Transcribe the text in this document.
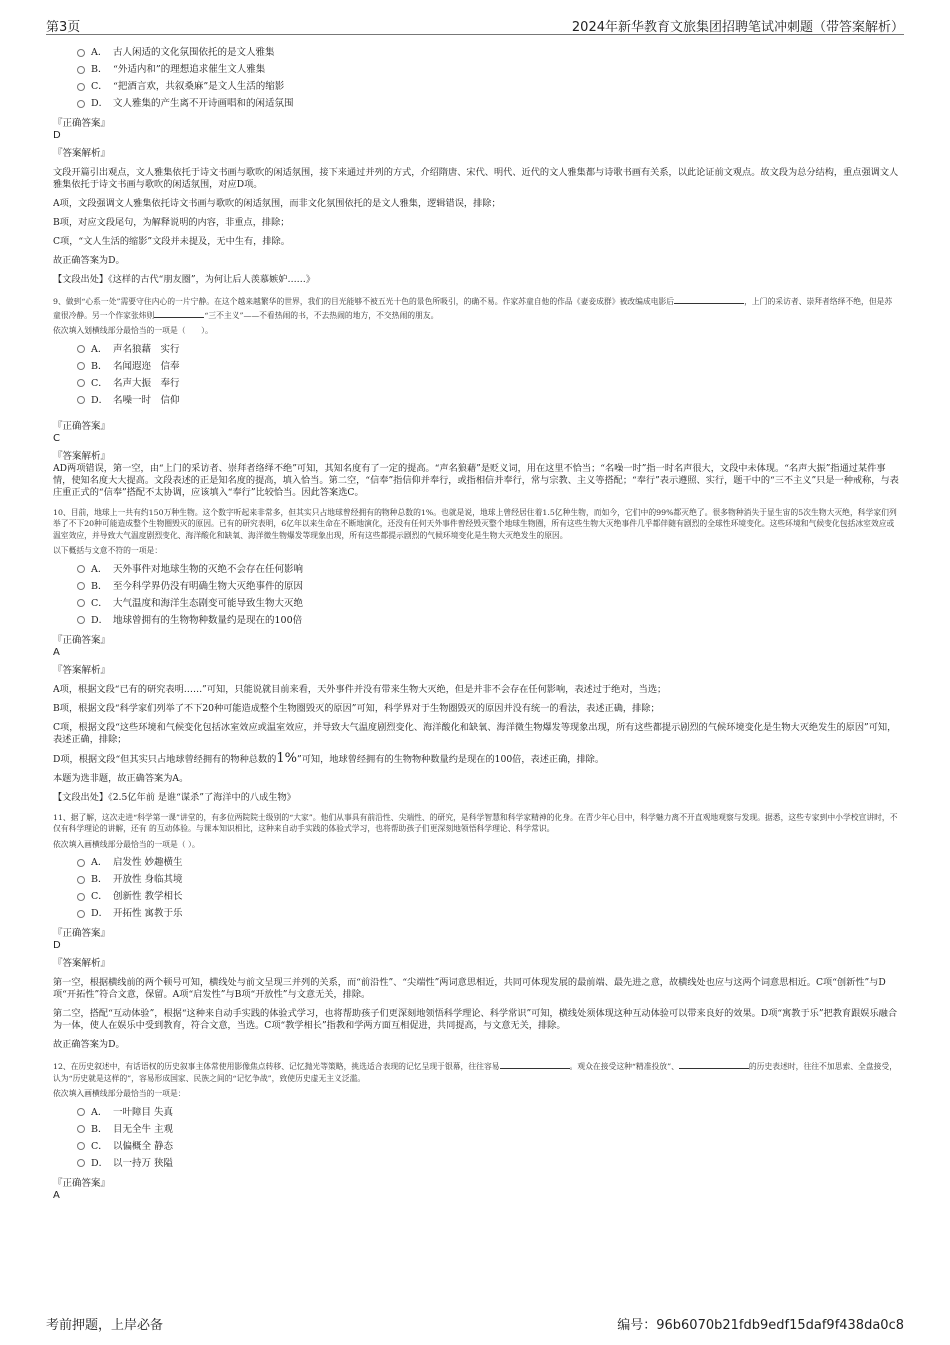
第3页	2024年新华教育文旅集团招聘笔试冲刺题（带答案解析）
A． 古人闲适的文化氛围依托的是文人雅集
B． “外适内和”的理想追求催生文人雅集
C． “把酒言欢，共叙桑麻”是文人生活的缩影
D． 文人雅集的产生离不开诗画唱和的闲适氛围
『正确答案』
D
『答案解析』

文段开篇引出观点，文人雅集依托于诗文书画与歌吹的闲适氛围，接下来通过并列的方式，介绍隋唐、宋代、明代、近代的文人雅集都与诗歌书画有关系，以此论证前文观点。故文段为总分结构，重点强调文人雅集依托于诗文书画与歌吹的闲适氛围，对应D项。

A项，文段强调文人雅集依托诗文书画与歌吹的闲适氛围，而非文化氛围依托的是文人雅集，逻辑错误，排除；

B项，对应文段尾句，为解释说明的内容，非重点，排除；

C项，“文人生活的缩影”文段并未提及，无中生有，排除。

故正确答案为D。

【文段出处】《这样的古代“朋友圈”，为何让后人羡慕嫉妒……》

9、做到“心系一处”需要守住内心的一片宁静。在这个越来越繁华的世界，我们的目光能够不被五光十色的景色所吸引，的确不易。作家苏童自他的作品《妻妾成群》被改编成电影后	，上门的采访者、崇拜者络绎不绝，但是苏童很冷静。另一个作家张炜则	“三不主义”——不看热闹的书，不去热闹的地方，不交热闹的朋友。

依次填入划横线部分最恰当的一项是（　　）。

A． 声名狼藉　实行
B． 名闻遐迩　信奉
C． 名声大振　奉行
D． 名噪一时　信仰
『正确答案』
C
『答案解析』

AD两项错误，第一空，由“上门的采访者、崇拜者络绎不绝”可知，其知名度有了一定的提高。“声名狼藉”是贬义词，用在这里不恰当；“名噪一时”指一时名声很大，文段中未体现。“名声大振”指通过某件事情，使知名度大大提高。文段表述的正是知名度的提高，填入恰当。第二空，“信奉”指信仰并奉行，或指相信并奉行，常与宗教、主义等搭配；“奉行”表示遵照、实行，题干中的“三不主义”只是一种戒称，与表庄重正式的“信奉”搭配不太协调，应该填入“奉行”比较恰当。因此答案选C。

10、目前，地球上一共有约150万种生物。这个数字听起来非常多，但其实只占地球曾经拥有的物种总数的1%。也就是说，地球上曾经居住着1.5亿种生物，而如今，它们中的99%都灭绝了。很多物种消失于显生宙的5次生物大灭绝，科学家们列举了不下20种可能造成整个生物圈毁灭的原因。已有的研究表明，6亿年以来生命在不断地演化，还没有任何天外事件曾经毁灭整个地球生物圈，所有这些生物大灭绝事件几乎都伴随有剧烈的全球性环境变化。这些环境和气候变化包括冰室效应或温室效应，并导致大气温度剧烈变化、海洋酸化和缺氧、海洋微生物爆发等现象出现，所有这些都提示剧烈的气候环境变化是生物大灭绝发生的原因。

以下概括与文意不符的一项是：

A． 天外事件对地球生物的灭绝不会存在任何影响
B． 至今科学界仍没有明确生物大灭绝事件的原因
C． 大气温度和海洋生态剧变可能导致生物大灭绝
D． 地球曾拥有的生物物种数量约是现在的100倍
『正确答案』
A
『答案解析』

A项，根据文段“已有的研究表明……”可知，只能说就目前来看，天外事件并没有带来生物大灭绝，但是并非不会存在任何影响，表述过于绝对，当选；

B项，根据文段“科学家们列举了不下20种可能造成整个生物圈毁灭的原因”可知，科学界对于生物圈毁灭的原因并没有统一的看法，表述正确，排除；

C项，根据文段“这些环境和气候变化包括冰室效应或温室效应，并导致大气温度剧烈变化、海洋酸化和缺氧、海洋微生物爆发等现象出现，所有这些都提示剧烈的气候环境变化是生物大灭绝发生的原因”可知，表述正确，排除；

D项，根据文段“但其实只占地球曾经拥有的物种总数的1%”可知，地球曾经拥有的生物物种数量约是现在的100倍，表述正确，排除。

本题为选非题，故正确答案为A。

【文段出处】《2.5亿年前 是谁“谋杀”了海洋中的八成生物》

11、据了解，这次走进“科学第一课”讲堂的，有多位两院院士级别的“大家”。他们从事具有前沿性、尖端性、的研究，是科学智慧和科学家精神的化身。在青少年心目中，科学魅力离不开直观地观察与发现。据悉，这些专家到中小学校宣讲时，不仅有科学理论的讲解，还有 的互动体验。与课本知识相比，这种来自动手实践的体验式学习，也将帮助孩子们更深刻地领悟科学理论、科学常识。

依次填入画横线部分最恰当的一项是（ ）。

A． 启发性 妙趣横生
B． 开放性 身临其境
C． 创新性 教学相长
D． 开拓性 寓教于乐
『正确答案』
D
『答案解析』

第一空，根据横线前的两个顿号可知，横线处与前文呈现三并列的关系，而“前沿性”、“尖端性”两词意思相近，共同可体现发展的最前端、最先进之意，故横线处也应与这两个词意思相近。C项“创新性”与D项“开拓性”符合文意，保留。A项“启发性”与B项“开放性”与文意无关，排除。

第二空，搭配“互动体验”，根据“这种来自动手实践的体验式学习，也将帮助孩子们更深刻地领悟科学理论、科学常识”可知，横线处须体现这种互动体验可以带来良好的效果。D项“寓教于乐”把教育跟娱乐融合为一体，使人在娱乐中受到教育，符合文意，当选。C项“教学相长”指教和学两方面互相促进，共同提高，与文意无关，排除。

故正确答案为D。

12、在历史叙述中，有话语权的历史叙事主体常使用影像焦点转移、记忆抛光等策略，挑选适合表现的记忆呈现于银幕，往往容易	。观众在接受这种“精准投放”、	的历史表述时，往往不加思索、全盘接受，认为“历史就是这样的”，容易形成国家、民族之间的“记忆争战”，致使历史虚无主义泛滥。

依次填入画横线部分最恰当的一项是：

A． 一叶障目 失真
B． 目无全牛 主观
C． 以偏概全 静态
D． 以一持万 狭隘
『正确答案』
A
考前押题，上岸必备	编号：96b6070b21fdb9edf15daf9f438da0c8
